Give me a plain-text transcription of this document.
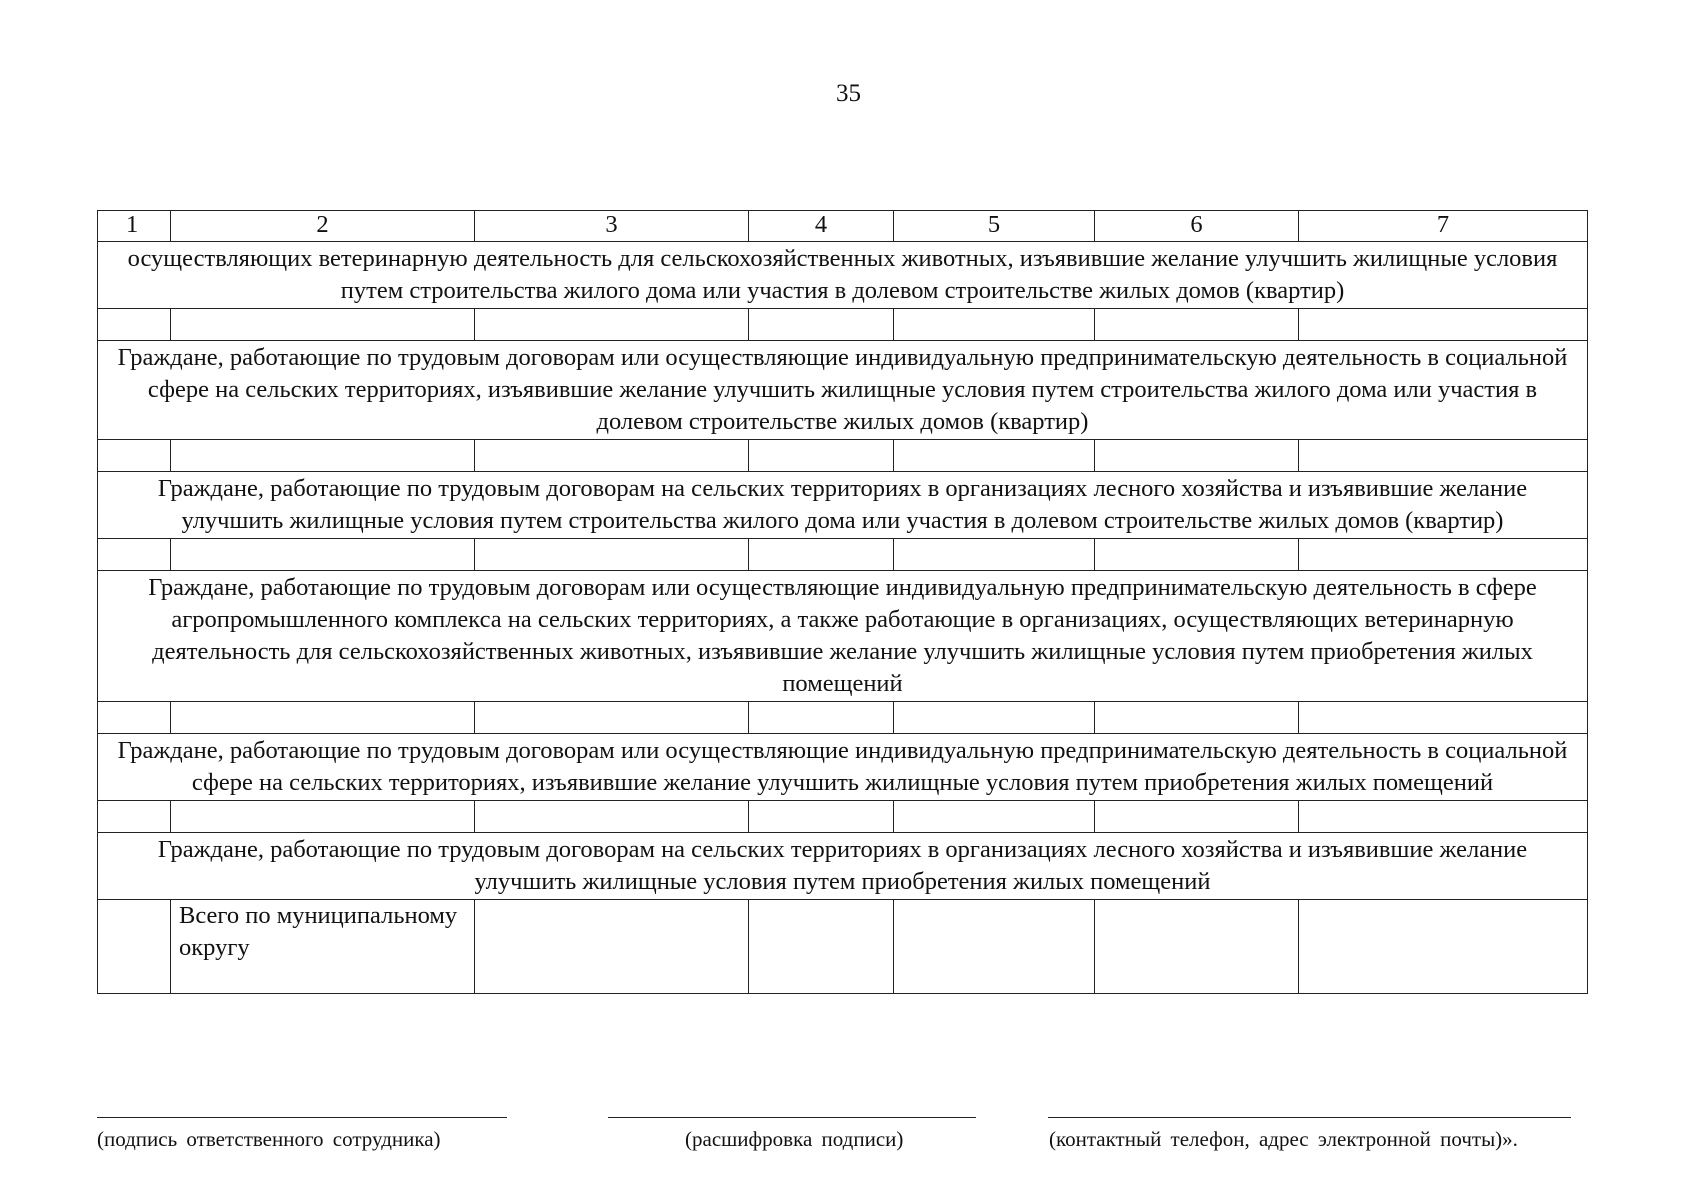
35
1	2	3	4	5	6	7
осуществляющих ветеринарную деятельность для сельскохозяйственных животных, изъявившие желание улучшить жилищные условия путем строительства жилого дома или участия в долевом строительстве жилых домов (квартир)						

Граждане, работающие по трудовым договорам или осуществляющие индивидуальную предпринимательскую деятельность в социальной сфере на сельских территориях, изъявившие желание улучшить жилищные условия путем строительства жилого дома или участия в долевом строительстве жилых домов (квартир)						

Граждане, работающие по трудовым договорам на сельских территориях в организациях лесного хозяйства и изъявившие желание улучшить жилищные условия путем строительства жилого дома или участия в долевом строительстве жилых домов (квартир)						

Граждане, работающие по трудовым договорам или осуществляющие индивидуальную предпринимательскую деятельность в сфере агропромышленного комплекса на сельских территориях, а также работающие в организациях, осуществляющих ветеринарную деятельность для сельскохозяйственных животных, изъявившие желание улучшить жилищные условия путем приобретения жилых помещений						

Граждане, работающие по трудовым договорам или осуществляющие индивидуальную предпринимательскую деятельность в социальной сфере на сельских территориях, изъявившие желание улучшить жилищные условия путем приобретения жилых помещений						

Граждане, работающие по трудовым договорам на сельских территориях в организациях лесного хозяйства и изъявившие желание улучшить жилищные условия путем приобретения жилых помещений						
	Всего по муниципальному округу					
(подпись ответственного сотрудника)	(расшифровка подписи)	(контактный телефон, адрес электронной почты)».
